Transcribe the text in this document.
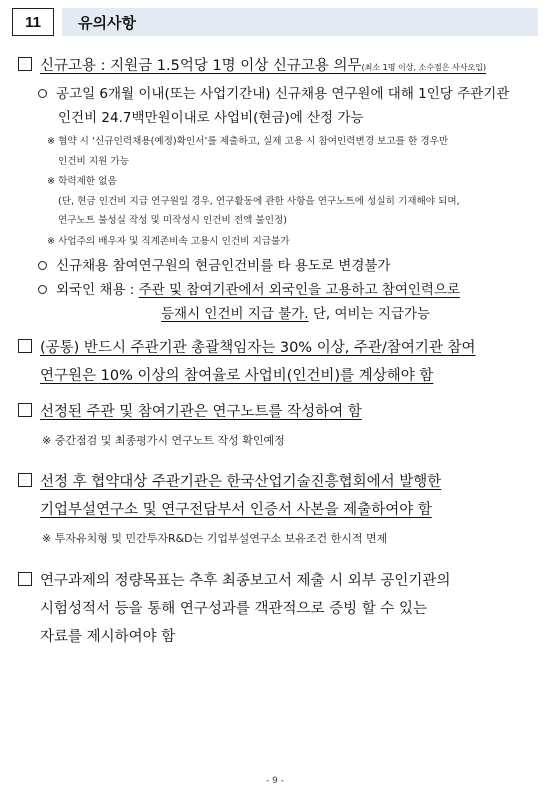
11	유의사항
신규고용 : 지원금 1.5억당 1명 이상 신규고용 의무(최소 1명 이상, 소수점은 사사오입)
공고일 6개월 이내(또는 사업기간내) 신규채용 연구원에 대해 1인당 주관기관
인건비 24.7백만원이내로 사업비(현금)에 산정 가능
※ 협약 시 ‘신규인력채용(예정)확인서’를 제출하고, 실제 고용 시 참여인력변경 보고를 한 경우만
인건비 지원 가능
※ 학력제한 없음
(단, 현금 인건비 지급 연구원일 경우, 연구활동에 관한 사항을 연구노트에 성실히 기재해야 되며,
연구노트 불성실 작성 및 미작성시 인건비 전액 불인정)
※ 사업주의 배우자 및 직계존비속 고용시 인건비 지급불가
신규채용 참여연구원의 현금인건비를 타 용도로 변경불가
외국인 채용 : 주관 및 참여기관에서 외국인을 고용하고 참여인력으로
등재시 인건비 지급 불가. 단, 여비는 지급가능
(공통) 반드시 주관기관 총괄책임자는 30% 이상, 주관/참여기관 참여
연구원은 10% 이상의 참여율로 사업비(인건비)를 계상해야 함
선정된 주관 및 참여기관은 연구노트를 작성하여 함
※ 중간점검 및 최종평가시 연구노트 작성 확인예정
선정 후 협약대상 주관기관은 한국산업기술진흥협회에서 발행한
기업부설연구소 및 연구전담부서 인증서 사본을 제출하여야 함
※ 투자유치형 및 민간투자R&D는 기업부설연구소 보유조건 한시적 면제
연구과제의 정량목표는 추후 최종보고서 제출 시 외부 공인기관의
시험성적서 등을 통해 연구성과를 객관적으로 증빙 할 수 있는
자료를 제시하여야 함
- 9 -
